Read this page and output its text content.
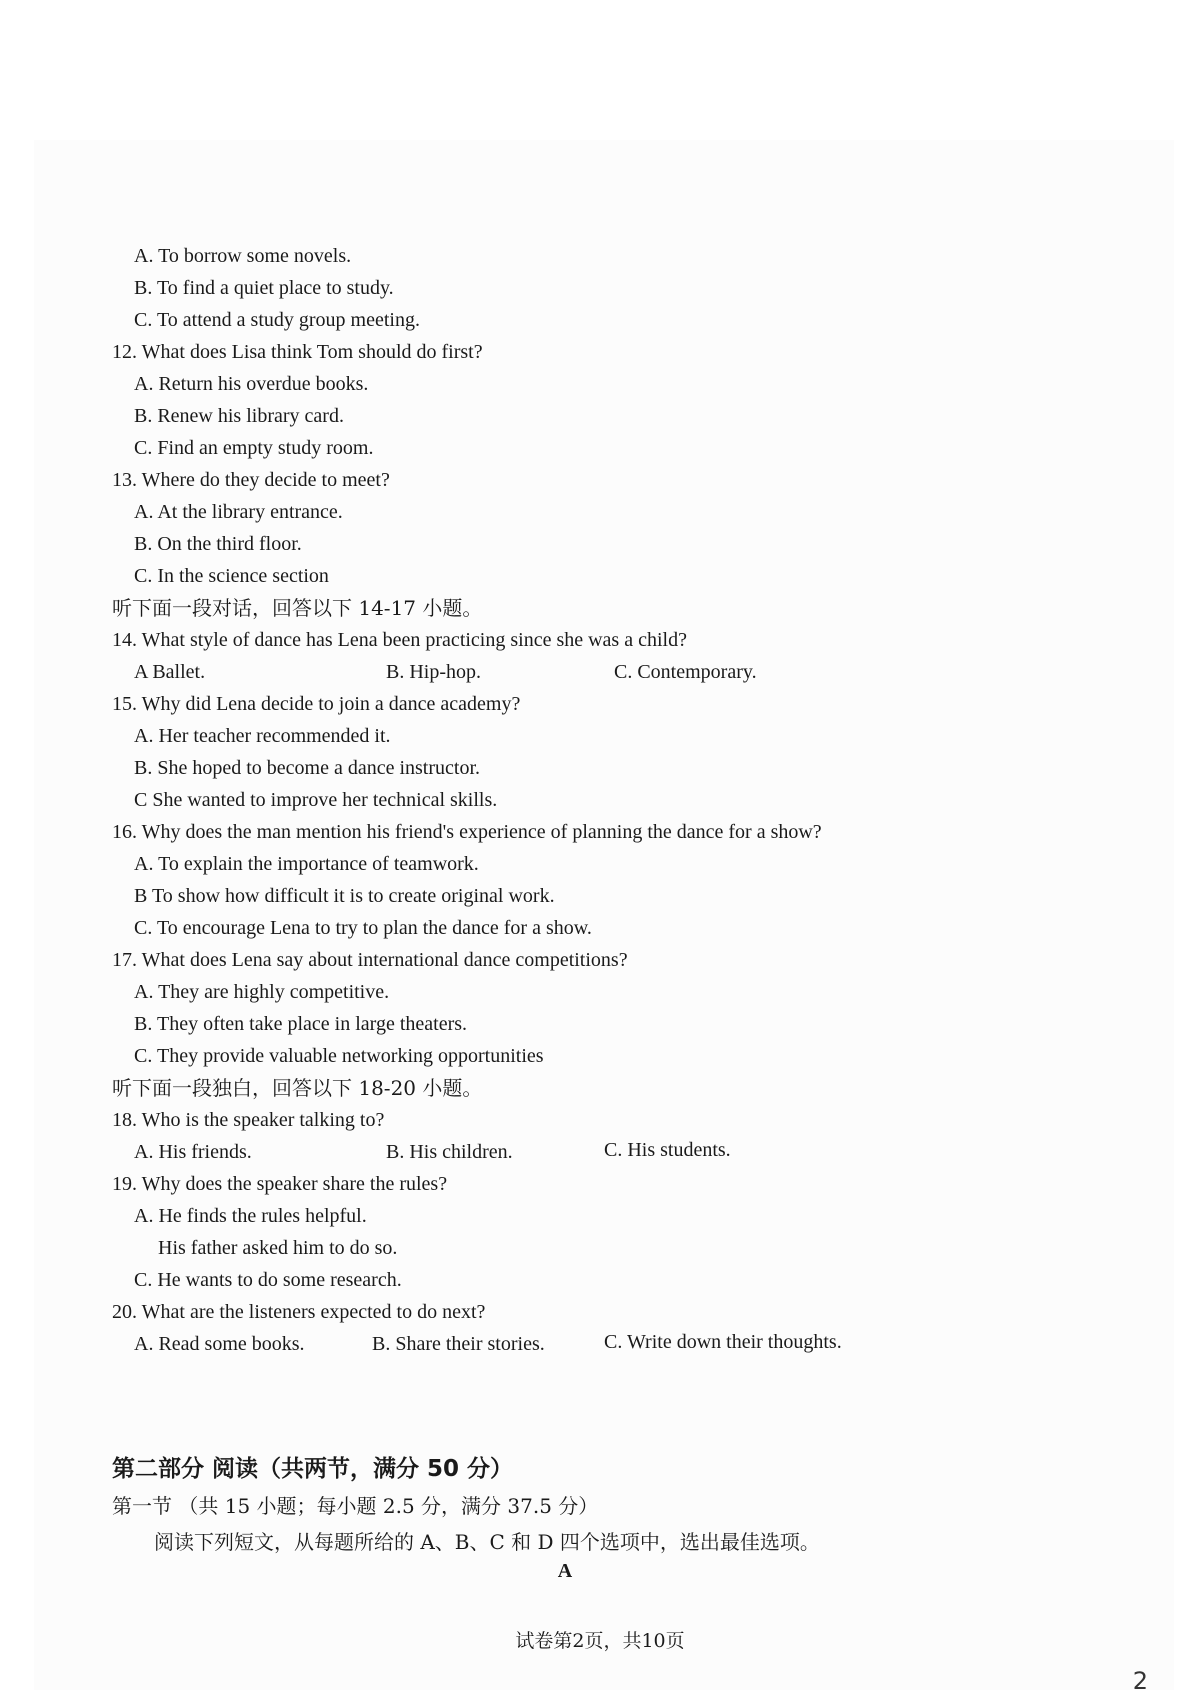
A. To borrow some novels.
B. To find a quiet place to study.
C. To attend a study group meeting.
12. What does Lisa think Tom should do first?
A. Return his overdue books.
B. Renew his library card.
C. Find an empty study room.
13. Where do they decide to meet?
A. At the library entrance.
B. On the third floor.
C. In the science section
听下面一段对话，回答以下 14-17 小题。
14. What style of dance has Lena been practicing since she was a child?
A Ballet.	B. Hip-hop.	C. Contemporary.
15. Why did Lena decide to join a dance academy?
A. Her teacher recommended it.
B. She hoped to become a dance instructor.
C She wanted to improve her technical skills.
16. Why does the man mention his friend's experience of planning the dance for a show?
A. To explain the importance of teamwork.
B To show how difficult it is to create original work.
C. To encourage Lena to try to plan the dance for a show.
17. What does Lena say about international dance competitions?
A. They are highly competitive.
B. They often take place in large theaters.
C. They provide valuable networking opportunities
听下面一段独白，回答以下 18-20 小题。
18. Who is the speaker talking to?
A. His friends.	B. His children.	C. His students.
19. Why does the speaker share the rules?
A. He finds the rules helpful.
His father asked him to do so.
C. He wants to do some research.
20. What are the listeners expected to do next?
A. Read some books.	B. Share their stories.	C. Write down their thoughts.
第二部分 阅读（共两节，满分 50 分）
第一节 （共 15 小题；每小题 2.5 分，满分 37.5 分）
阅读下列短文，从每题所给的 A、B、C 和 D 四个选项中，选出最佳选项。
A
试卷第2页，共10页
2
